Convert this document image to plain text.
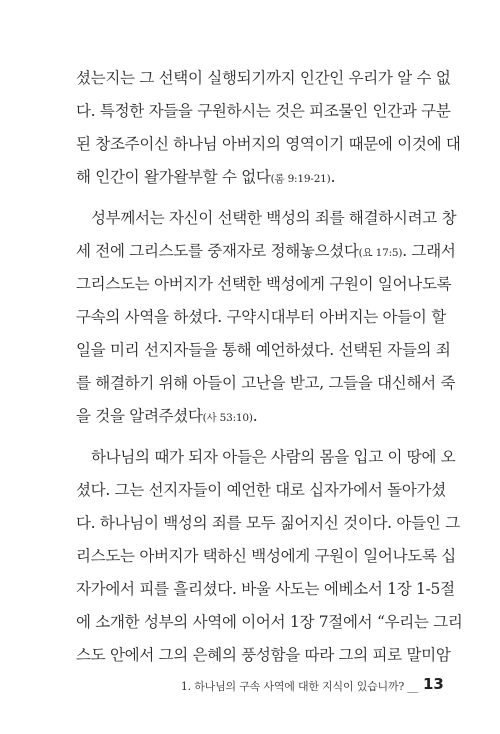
셨는지는 그 선택이 실행되기까지 인간인 우리가 알 수 없
다. 특정한 자들을 구원하시는 것은 피조물인 인간과 구분
된 창조주이신 하나님 아버지의 영역이기 때문에 이것에 대
해 인간이 왈가왈부할 수 없다(롬 9:19-21).
성부께서는 자신이 선택한 백성의 죄를 해결하시려고 창
세 전에 그리스도를 중재자로 정해놓으셨다(요 17:5). 그래서
그리스도는 아버지가 선택한 백성에게 구원이 일어나도록
구속의 사역을 하셨다. 구약시대부터 아버지는 아들이 할
일을 미리 선지자들을 통해 예언하셨다. 선택된 자들의 죄
를 해결하기 위해 아들이 고난을 받고, 그들을 대신해서 죽
을 것을 알려주셨다(사 53:10).
하나님의 때가 되자 아들은 사람의 몸을 입고 이 땅에 오
셨다. 그는 선지자들이 예언한 대로 십자가에서 돌아가셨
다. 하나님이 백성의 죄를 모두 짊어지신 것이다. 아들인 그
리스도는 아버지가 택하신 백성에게 구원이 일어나도록 십
자가에서 피를 흘리셨다. 바울 사도는 에베소서 1장 1-5절
에 소개한 성부의 사역에 이어서 1장 7절에서 “우리는 그리
스도 안에서 그의 은혜의 풍성함을 따라 그의 피로 말미암
1. 하나님의 구속 사역에 대한 지식이 있습니까? __ 13
